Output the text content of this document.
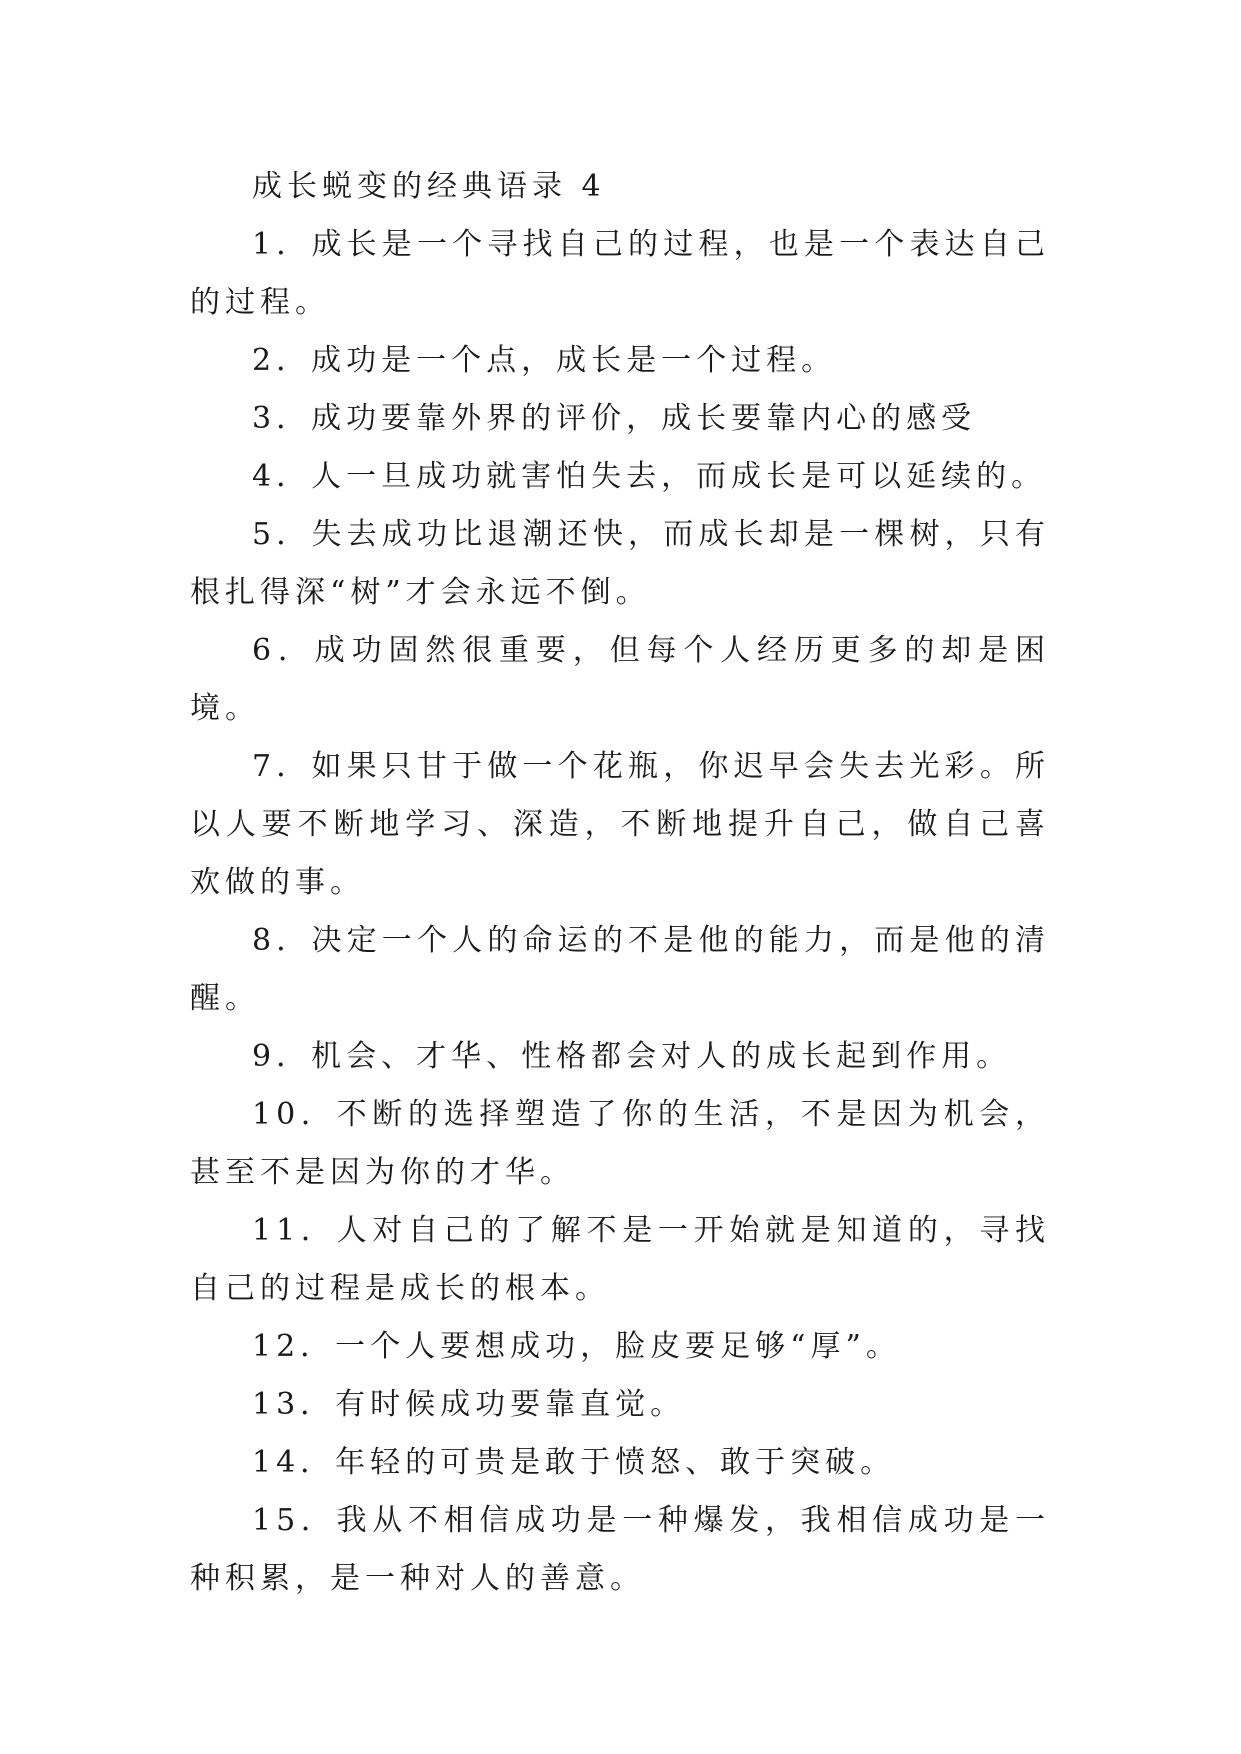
成长蜕变的经典语录 4

1．成长是一个寻找自己的过程，也是一个表达自己的过程。

2．成功是一个点，成长是一个过程。

3．成功要靠外界的评价，成长要靠内心的感受

4．人一旦成功就害怕失去，而成长是可以延续的。

5．失去成功比退潮还快，而成长却是一棵树，只有根扎得深“树”才会永远不倒。

6．成功固然很重要，但每个人经历更多的却是困境。

7．如果只甘于做一个花瓶，你迟早会失去光彩。所以人要不断地学习、深造，不断地提升自己，做自己喜欢做的事。

8．决定一个人的命运的不是他的能力，而是他的清醒。

9．机会、才华、性格都会对人的成长起到作用。

10．不断的选择塑造了你的生活，不是因为机会，甚至不是因为你的才华。

11．人对自己的了解不是一开始就是知道的，寻找自己的过程是成长的根本。

12．一个人要想成功，脸皮要足够“厚”。

13．有时候成功要靠直觉。

14．年轻的可贵是敢于愤怒、敢于突破。

15．我从不相信成功是一种爆发，我相信成功是一种积累，是一种对人的善意。
